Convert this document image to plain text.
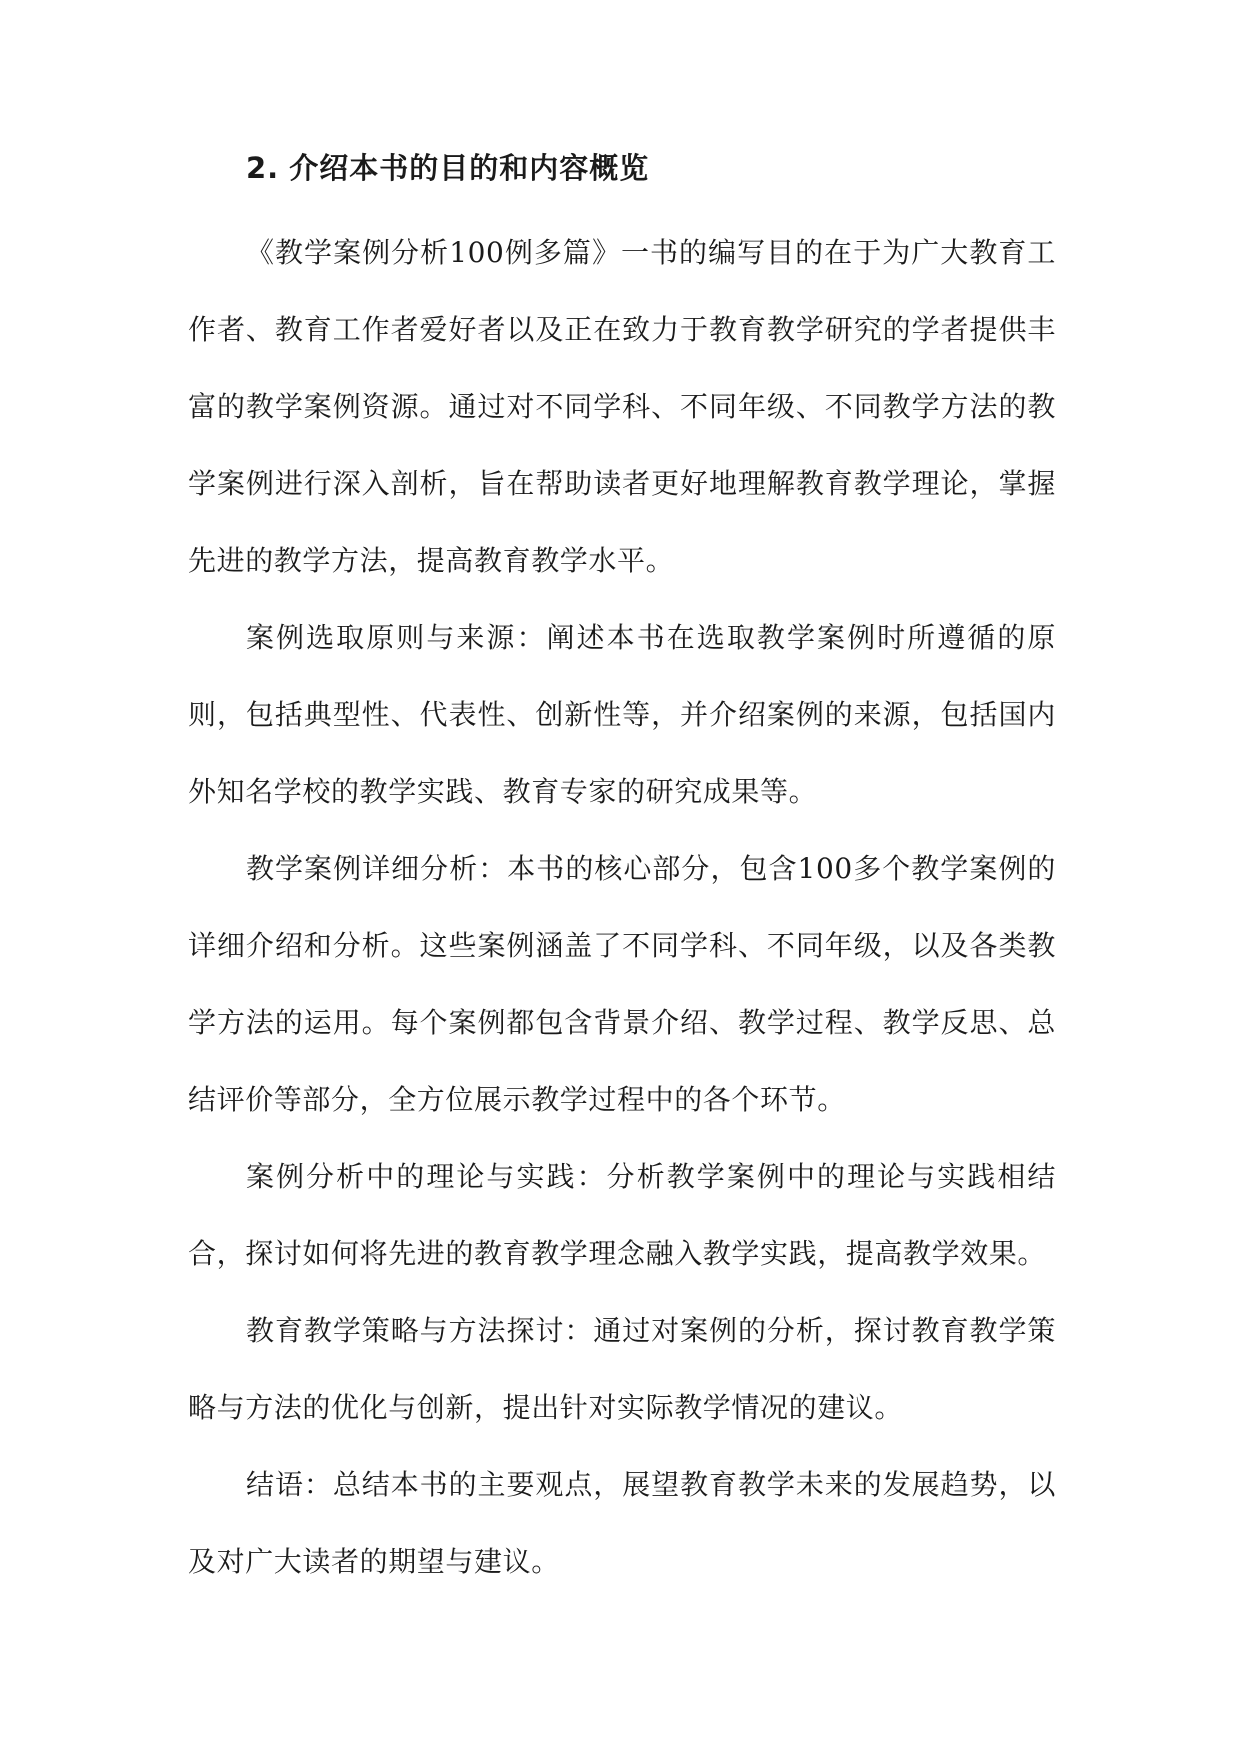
2. 介绍本书的目的和内容概览

《教学案例分析100例多篇》一书的编写目的在于为广大教育工作者、教育工作者爱好者以及正在致力于教育教学研究的学者提供丰富的教学案例资源。通过对不同学科、不同年级、不同教学方法的教学案例进行深入剖析，旨在帮助读者更好地理解教育教学理论，掌握先进的教学方法，提高教育教学水平。

案例选取原则与来源：阐述本书在选取教学案例时所遵循的原则，包括典型性、代表性、创新性等，并介绍案例的来源，包括国内外知名学校的教学实践、教育专家的研究成果等。

教学案例详细分析：本书的核心部分，包含100多个教学案例的详细介绍和分析。这些案例涵盖了不同学科、不同年级，以及各类教学方法的运用。每个案例都包含背景介绍、教学过程、教学反思、总结评价等部分，全方位展示教学过程中的各个环节。

案例分析中的理论与实践：分析教学案例中的理论与实践相结合，探讨如何将先进的教育教学理念融入教学实践，提高教学效果。

教育教学策略与方法探讨：通过对案例的分析，探讨教育教学策略与方法的优化与创新，提出针对实际教学情况的建议。

结语：总结本书的主要观点，展望教育教学未来的发展趋势，以及对广大读者的期望与建议。
